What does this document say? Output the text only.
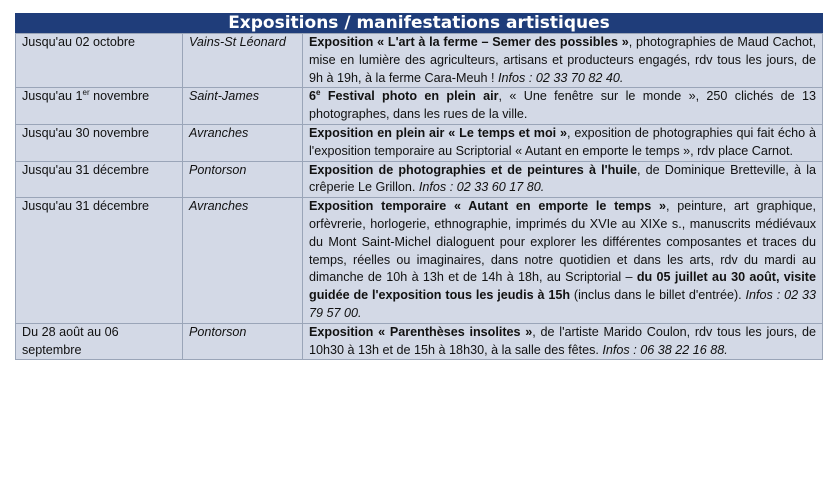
Expositions / manifestations artistiques
Jusqu'au 02 octobre	Vains-St Léonard	Exposition « L'art à la ferme – Semer des possibles », photographies de Maud Cachot, mise en lumière des agriculteurs, artisans et producteurs engagés, rdv tous les jours, de 9h à 19h, à la ferme Cara-Meuh ! Infos : 02 33 70 82 40.
Jusqu'au 1er novembre	Saint-James	6e Festival photo en plein air, « Une fenêtre sur le monde », 250 clichés de 13 photographes, dans les rues de la ville.
Jusqu'au 30 novembre	Avranches	Exposition en plein air « Le temps et moi », exposition de photographies qui fait écho à l'exposition temporaire au Scriptorial « Autant en emporte le temps », rdv place Carnot.
Jusqu'au 31 décembre	Pontorson	Exposition de photographies et de peintures à l'huile, de Dominique Bretteville, à la crêperie Le Grillon. Infos : 02 33 60 17 80.
Jusqu'au 31 décembre	Avranches	Exposition temporaire « Autant en emporte le temps », peinture, art graphique, orfèvrerie, horlogerie, ethnographie, imprimés du XVIe au XIXe s., manuscrits médiévaux du Mont Saint-Michel dialoguent pour explorer les différentes composantes et traces du temps, réelles ou imaginaires, dans notre quotidien et dans les arts, rdv du mardi au dimanche de 10h à 13h et de 14h à 18h, au Scriptorial – du 05 juillet au 30 août, visite guidée de l'exposition tous les jeudis à 15h (inclus dans le billet d'entrée). Infos : 02 33 79 57 00.
Du 28 août au 06 septembre	Pontorson	Exposition « Parenthèses insolites », de l'artiste Marido Coulon, rdv tous les jours, de 10h30 à 13h et de 15h à 18h30, à la salle des fêtes. Infos : 06 38 22 16 88.
